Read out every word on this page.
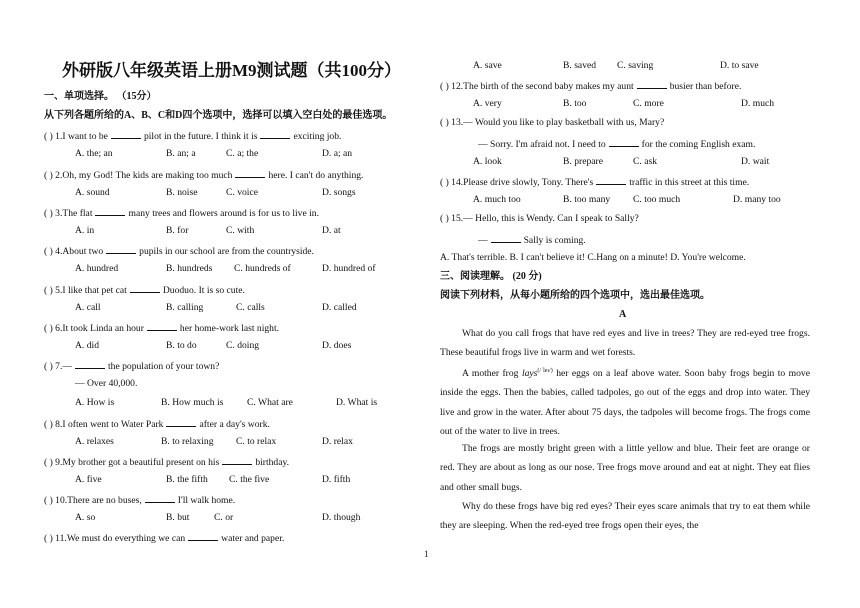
外研版八年级英语上册M9测试题（共100分）
一、单项选择。 （15分）
从下列各题所给的A、B、C和D四个选项中，选择可以填入空白处的最佳选项。
( ) 1.I want to be	pilot in the future. I think it is	exciting job.
A. the; an	B. an; a	C. a; the	D. a; an
( ) 2.Oh, my God! The kids are making too much	here. I can't do anything.
A. sound	B. noise	C. voice	D. songs
( ) 3.The flat	many trees and flowers around is for us to live in.
A. in	B. for	C. with	D. at
( ) 4.About two	pupils in our school are from the countryside.
A. hundred	B. hundreds C. hundreds of	D. hundred of
( ) 5.I like that pet cat	Duoduo. It is so cute.
A. call	B. calling	C. calls	D. called
( ) 6.It took Linda an hour	her home-work last night.
A. did	B. to do	C. doing	D. does
( ) 7.—	the population of your town?
— Over 40,000.
A. How is	B. How much is C. What are	D. What is
( ) 8.I often went to Water Park	after a day's work.
A. relaxes	B. to relaxing C. to relax	D. relax
( ) 9.My brother got a beautiful present on his	birthday.
A. five	B. the fifth C. the five	D. fifth
( ) 10.There are no buses,	I'll walk home.
A. so	B. but	C. or	D. though
( ) 11.We must do everything we can	water and paper.
A. save	B. saved C. saving	D. to save
( ) 12.The birth of the second baby makes my aunt	busier than before.
A. very	B. too	C. more	D. much
( ) 13.— Would you like to play basketball with us, Mary?
— Sorry. I'm afraid not. I need to	for the coming English exam.
A. look	B. prepare	C. ask	D. wait
( ) 14.Please drive slowly, Tony. There's	traffic in this street at this time.
A. much too	B. too many C. too much	D. many too
( ) 15.— Hello, this is Wendy. Can I speak to Sally?
—	Sally is coming.
A. That's terrible. B. I can't believe it! C.Hang on a minute! D. You're welcome.
三、阅读理解。 (20 分)
阅读下列材料，从每小题所给的四个选项中，选出最佳选项。
A
What do you call frogs that have red eyes and live in trees? They are red-eyed tree frogs. These beautiful frogs live in warm and wet forests.
A mother frog lays$^{(/ˈleɪ/)}$ her eggs on a leaf above water. Soon baby frogs begin to move inside the eggs. Then the babies, called tadpoles, go out of the eggs and drop into water. They live and grow in the water. After about 75 days, the tadpoles will become frogs. The frogs come out of the water to live in trees.
The frogs are mostly bright green with a little yellow and blue. Their feet are orange or red. They are about as long as our nose. Tree frogs move around and eat at night. They eat flies and other small bugs.
Why do these frogs have big red eyes? Their eyes scare animals that try to eat them while they are sleeping. When the red-eyed tree frogs open their eyes, the
1
